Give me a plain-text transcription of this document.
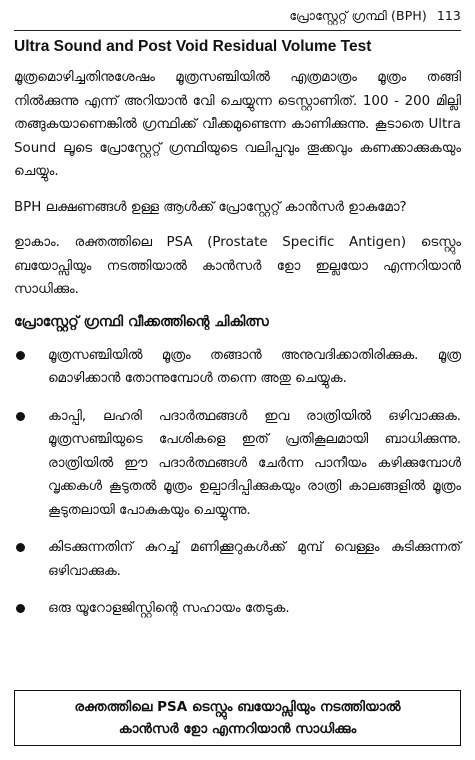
പ്രോസ്റ്റേറ്റ് ഗ്രന്ഥി (BPH) 113
Ultra Sound and Post Void Residual Volume Test

മൂത്രമൊഴിച്ചതിനുശേഷം മൂത്രസഞ്ചിയിൽ എത്രമാത്രം മൂത്രം തങ്ങി നിൽക്കുന്നു എന്ന് അറിയാൻ വേി ചെയ്യുന്ന ടെസ്റ്റാണിത്. 100 - 200 മില്ലി തങ്ങുകയാണെങ്കിൽ ഗ്രന്ഥിക്ക് വീക്കമുണ്ടെന്ന കാണിക്കുന്നു. കൂടാതെ Ultra Sound ലൂടെ പ്രോസ്റ്റേറ്റ് ഗ്രന്ഥിയുടെ വലിപ്പവും തൂക്കവും കണക്കാക്കുകയും ചെയ്യും.

BPH ലക്ഷണങ്ങൾ ഉള്ള ആൾക്ക് പ്രോസ്റ്റേറ്റ് കാൻസർ ഉാകുമോ?

ഉാകാം. രക്തത്തിലെ PSA (Prostate Specific Antigen) ടെസ്റ്റും ബയോപ്സിയും നടത്തിയാൽ കാൻസർ ഉോ ഇല്ലയോ എന്നറിയാൻ സാധിക്കും.

പ്രോസ്റ്റേറ്റ് ഗ്രന്ഥി വീക്കത്തിന്റെ ചികിത്സ
മൂത്രസഞ്ചിയിൽ മൂത്രം തങ്ങാൻ അനുവദിക്കാതിരിക്കുക. മൂത്ര മൊഴിക്കാൻ തോന്നുമ്പോൾ തന്നെ അതു ചെയ്യുക.
കാപ്പി, ലഹരി പദാർത്ഥങ്ങൾ ഇവ രാത്രിയിൽ ഒഴിവാക്കുക. മൂത്രസഞ്ചിയുടെ പേശികളെ ഇത് പ്രതികൂലമായി ബാധിക്കുന്നു. രാത്രിയിൽ ഈ പദാർത്ഥങ്ങൾ ചേർന്ന പാനീയം കഴിക്കുമ്പോൾ വൃക്കകൾ കൂടുതൽ മൂത്രം ഉല്പാദിപ്പിക്കുകയും രാത്രി കാലങ്ങളിൽ മൂത്രം കൂടുതലായി പോകുകയും ചെയ്യുന്നു.
കിടക്കുന്നതിന് കുറച്ച് മണിക്കൂറുകൾക്ക് മുമ്പ് വെള്ളം കുടിക്കുന്നത് ഒഴിവാക്കുക.
ഒരു യൂറോളജിസ്റ്റിന്റെ സഹായം തേടുക.
രക്തത്തിലെ PSA ടെസ്റ്റും ബയോപ്സിയും നടത്തിയാൽ
കാൻസർ ഉോ എന്നറിയാൻ സാധിക്കും
